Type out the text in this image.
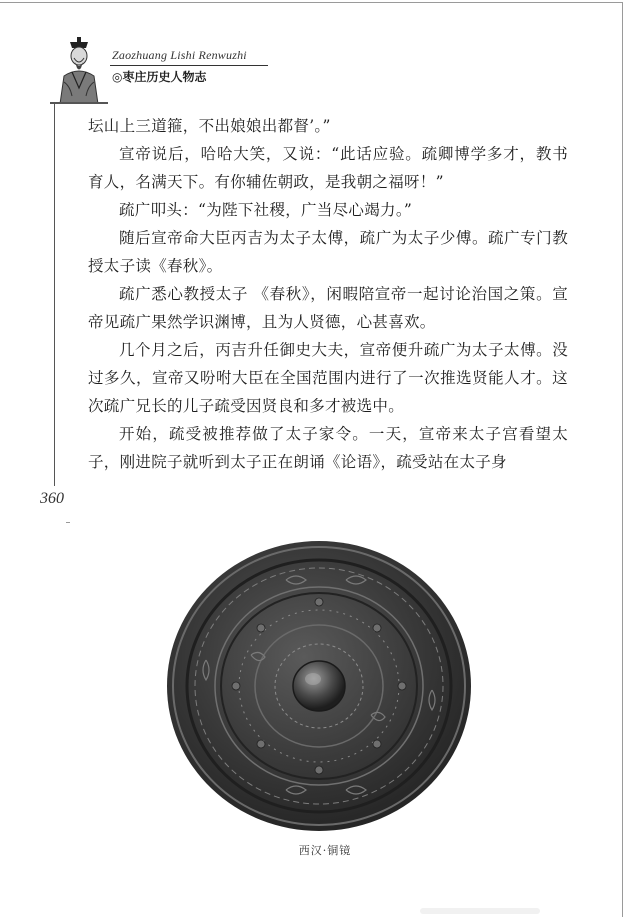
Zaozhuang Lishi Renwuzhi
◎枣庄历史人物志

坛山上三道箍，不出娘娘出都督’。”

宣帝说后，哈哈大笑，又说：“此话应验。疏卿博学多才，教书育人，名满天下。有你辅佐朝政，是我朝之福呀！”

疏广叩头：“为陛下社稷，广当尽心竭力。”

随后宣帝命大臣丙吉为太子太傅，疏广为太子少傅。疏广专门教授太子读《春秋》。

疏广悉心教授太子 《春秋》，闲暇陪宣帝一起讨论治国之策。宣帝见疏广果然学识渊博，且为人贤德，心甚喜欢。

几个月之后，丙吉升任御史大夫，宣帝便升疏广为太子太傅。没过多久，宣帝又吩咐大臣在全国范围内进行了一次推选贤能人才。这次疏广兄长的儿子疏受因贤良和多才被选中。

开始，疏受被推荐做了太子家令。一天，宣帝来太子宫看望太子，刚进院子就听到太子正在朗诵《论语》，疏受站在太子身

360
西汉·铜镜
